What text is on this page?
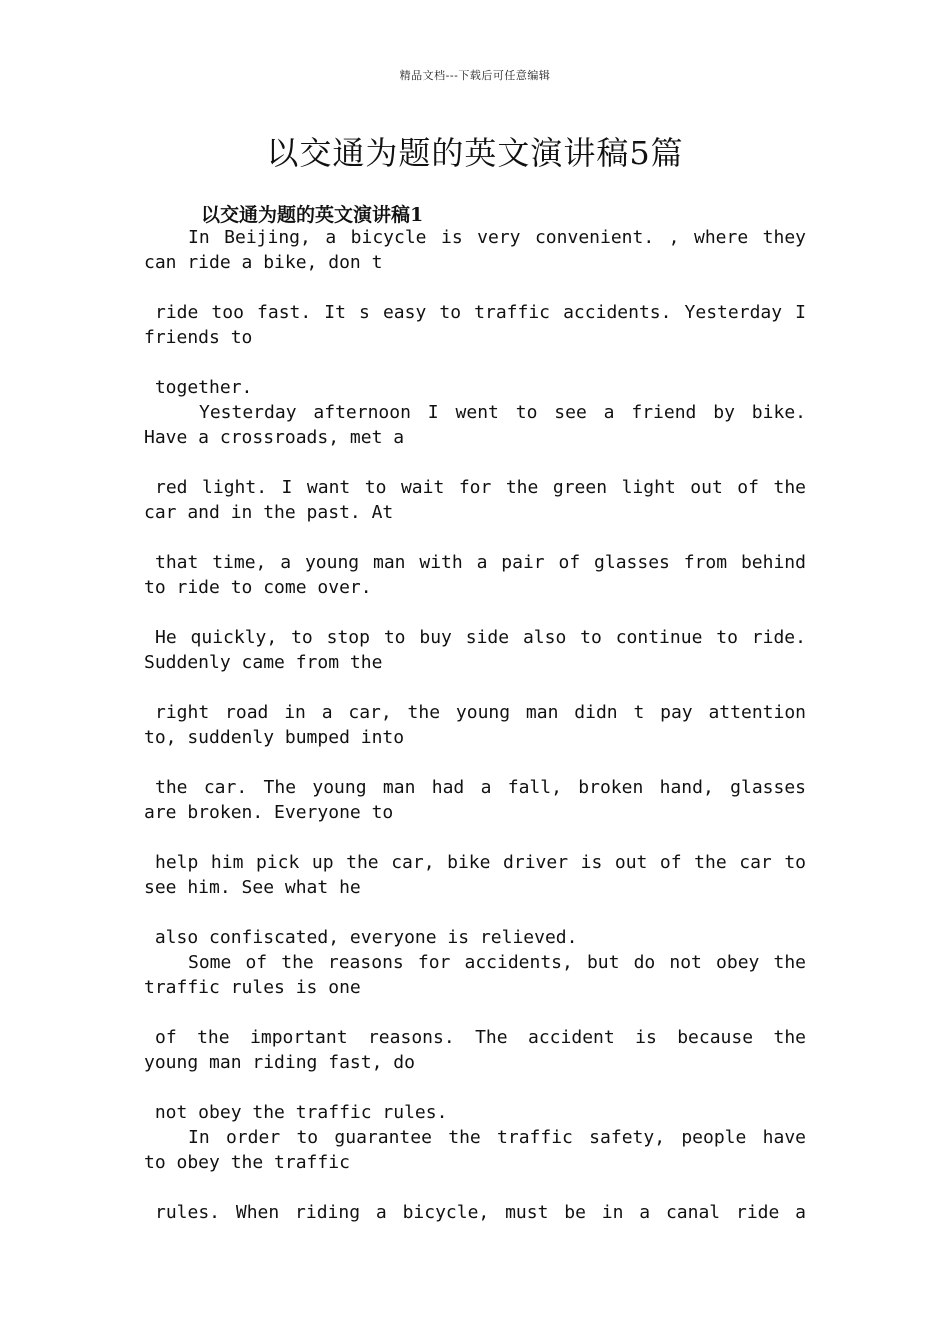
精品文档---下载后可任意编辑
以交通为题的英文演讲稿5篇
以交通为题的英文演讲稿1
In Beijing, a bicycle is very convenient. , where they
can ride a bike, don t
ride too fast. It s easy to traffic accidents. Yesterday I
friends to
together.
Yesterday afternoon I went to see a friend by bike.
Have a crossroads, met a
red light. I want to wait for the green light out of the
car and in the past. At
that time, a young man with a pair of glasses from behind
to ride to come over.
He quickly, to stop to buy side also to continue to ride.
Suddenly came from the
right road in a car, the young man didn t pay attention
to, suddenly bumped into
the car. The young man had a fall, broken hand, glasses
are broken. Everyone to
help him pick up the car, bike driver is out of the car to
see him. See what he
also confiscated, everyone is relieved.
Some of the reasons for accidents, but do not obey the
traffic rules is one
of the important reasons. The accident is because the
young man riding fast, do
not obey the traffic rules.
In order to guarantee the traffic safety, people have
to obey the traffic
rules. When riding a bicycle, must be in a canal ride a
